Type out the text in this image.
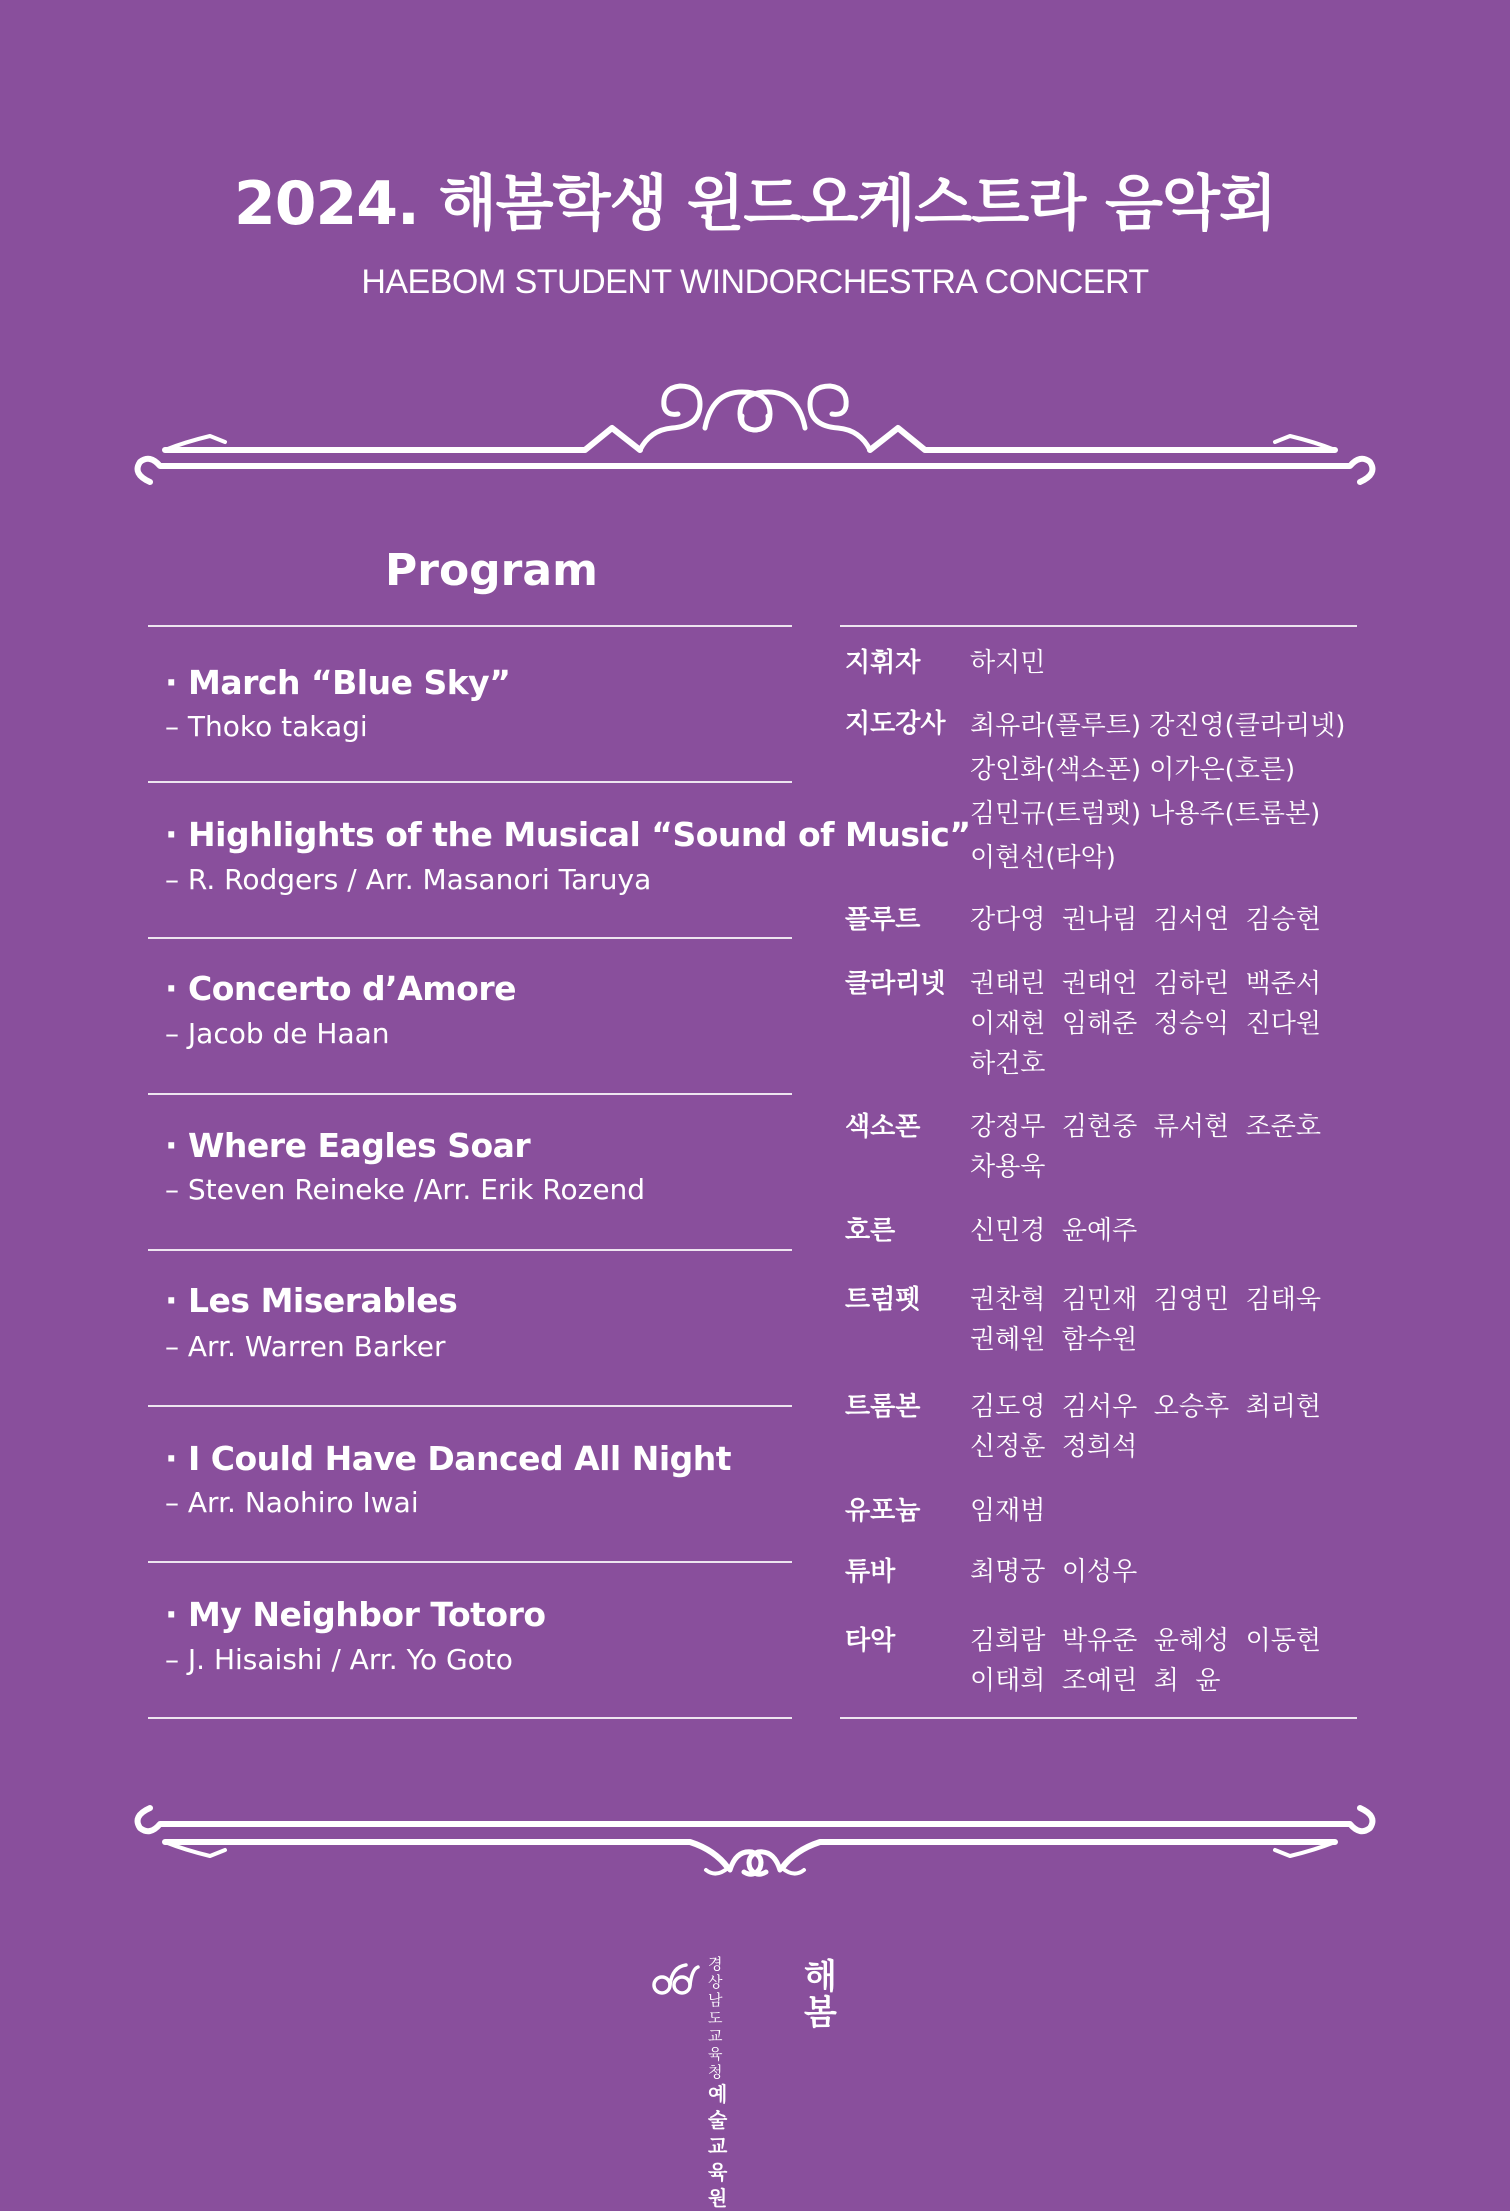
2024. 해봄학생 윈드오케스트라 음악회
HAEBOM STUDENT WINDORCHESTRA CONCERT
Program
· March “Blue Sky”
– Thoko takagi
· Highlights of the Musical “Sound of Music”
– R. Rodgers / Arr. Masanori Taruya
· Concerto d’Amore
– Jacob de Haan
· Where Eagles Soar
– Steven Reineke /Arr. Erik Rozend
· Les Miserables
– Arr. Warren Barker
· I Could Have Danced All Night
– Arr. Naohiro Iwai
· My Neighbor Totoro
– J. Hisaishi / Arr. Yo Goto
지휘자 하지민
지도강사 최유라(플루트) 강진영(클라리넷)
강인화(색소폰) 이가은(호른)
김민규(트럼펫) 나용주(트롬본)
이현선(타악)
플루트 강다영  권나림  김서연  김승현
클라리넷 권태린  권태언  김하린  백준서
이재현  임해준  정승익  진다원
하건호
색소폰 강정무  김현중  류서현  조준호
차용욱
호른	신민경  윤예주
트럼펫 권찬혁  김민재  김영민  김태욱
권혜원  함수원
트롬본 김도영  김서우  오승후  최리현
신정훈  정희석
유포늄 임재범
튜바	최명궁  이성우
타악	김희람  박유준  윤혜성  이동현
이태희  조예린  최  윤
경상남도교육청
예술교육원
해봄
